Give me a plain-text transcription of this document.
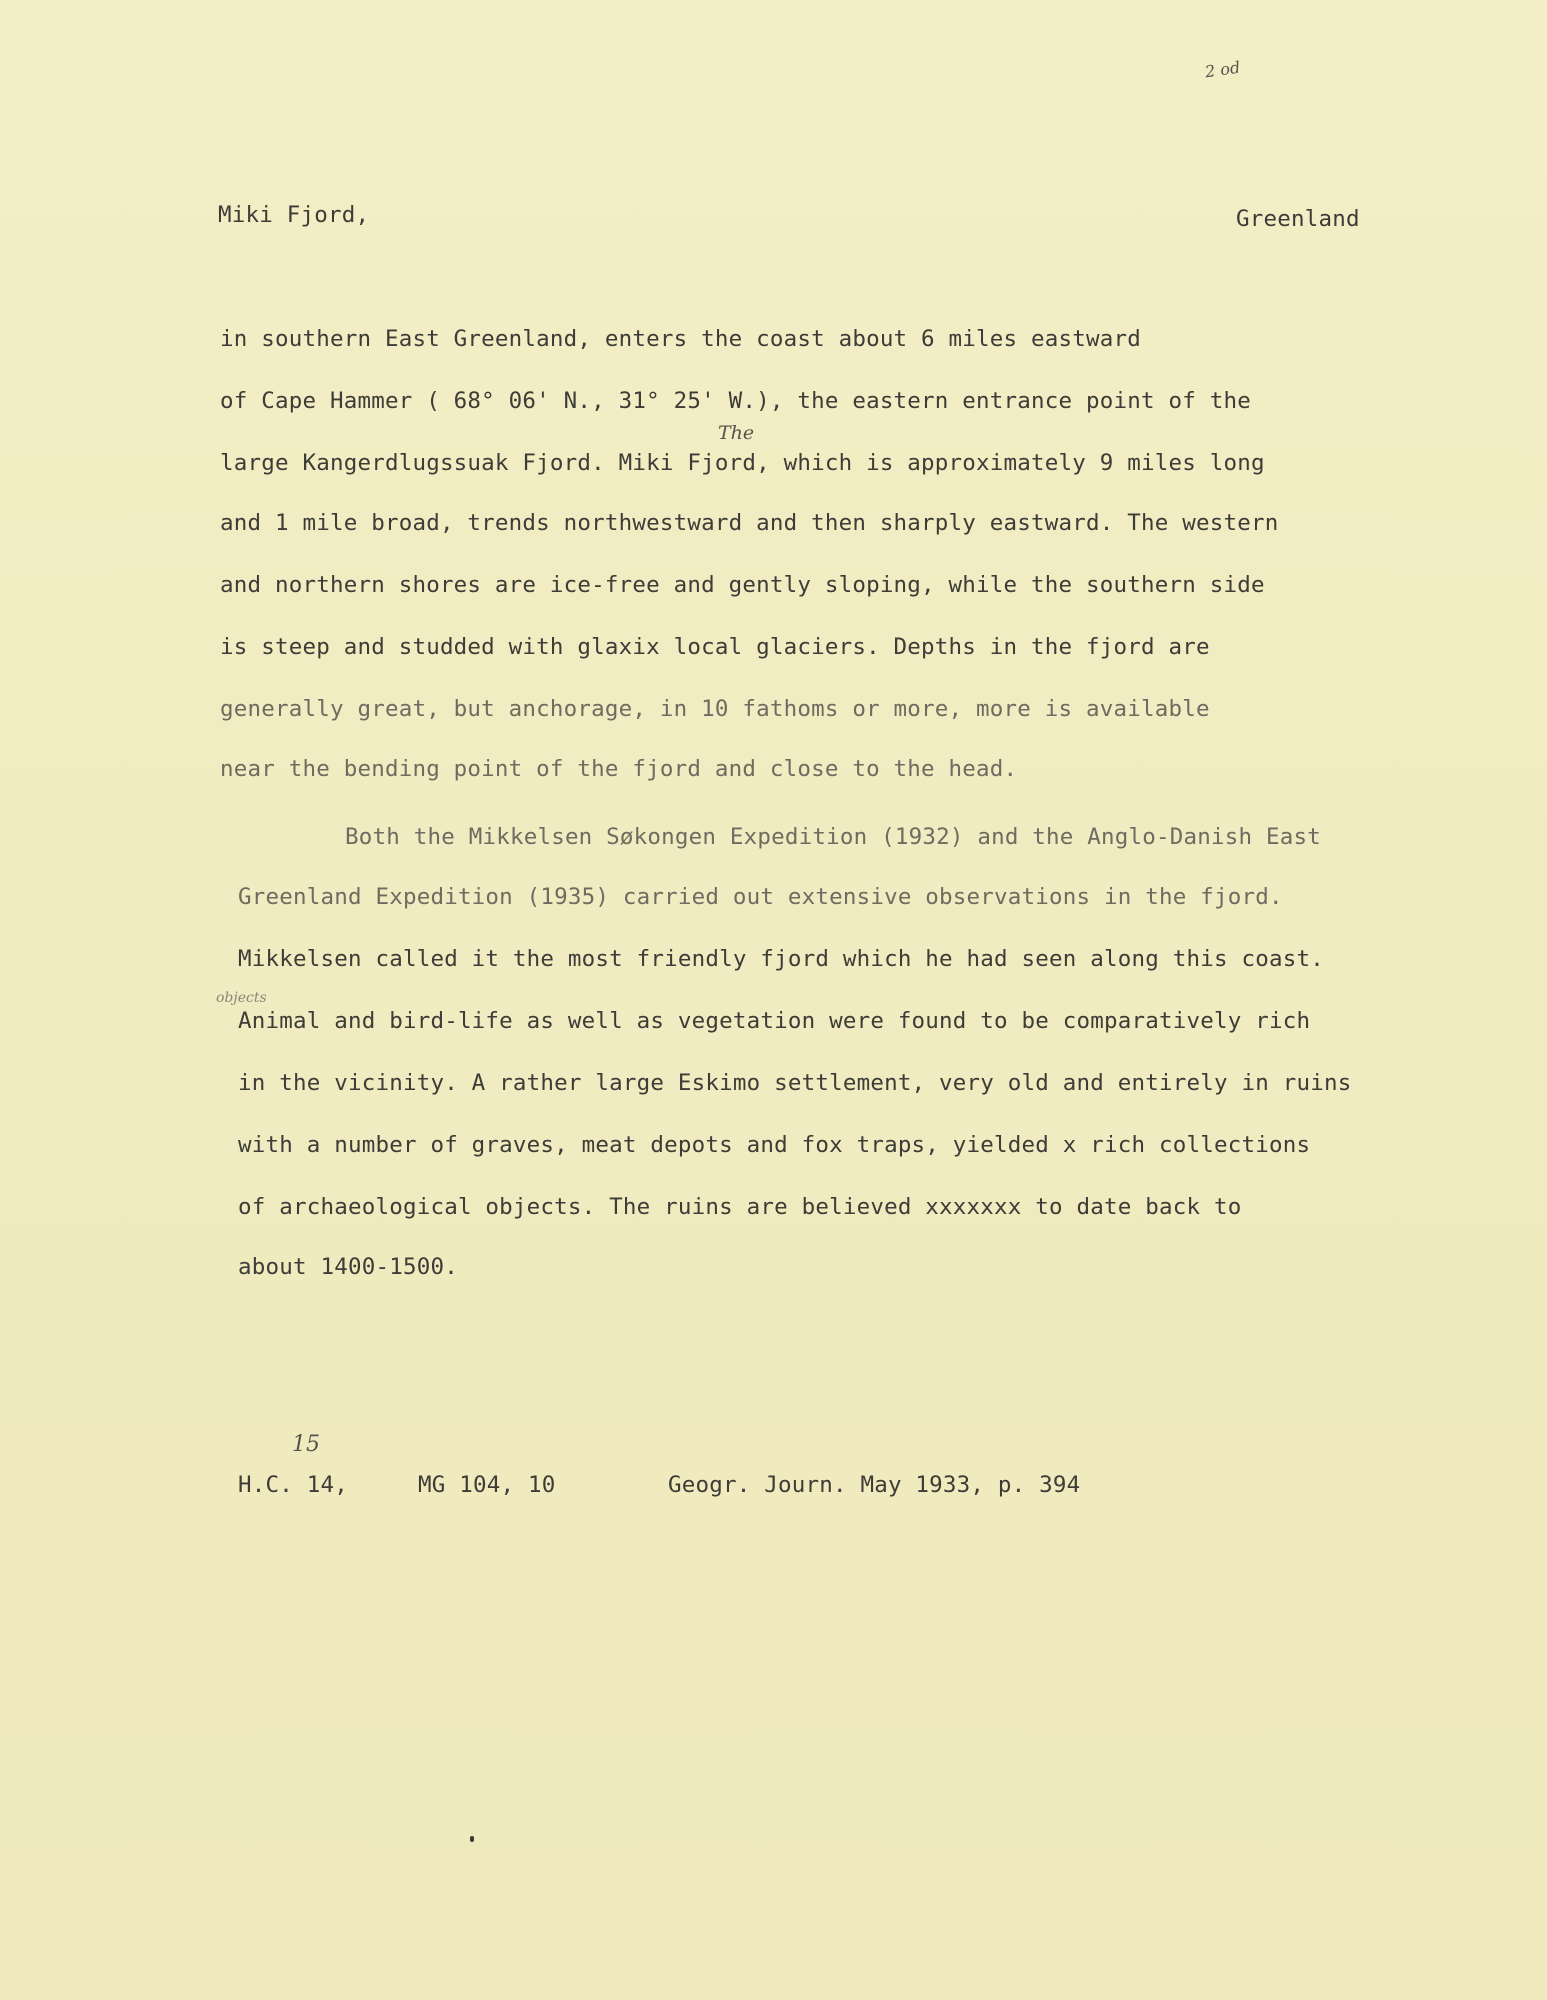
2 od
Miki Fjord,	Greenland
in southern East Greenland, enters the coast about 6 miles eastward
of Cape Hammer ( 68° 06' N., 31° 25' W.), the eastern entrance point of the
The
large Kangerdlugssuak Fjord. Miki Fjord, which is approximately 9 miles long
and 1 mile broad, trends northwestward and then sharply eastward. The western
and northern shores are ice-free and gently sloping, while the southern side
is steep and studded with glaxix local glaciers. Depths in the fjord are
generally great, but anchorage, in 10 fathoms or more, more is available
near the bending point of the fjord and close to the head.
Both the Mikkelsen Søkongen Expedition (1932) and the Anglo-Danish East
Greenland Expedition (1935) carried out extensive observations in the fjord.
Mikkelsen called it the most friendly fjord which he had seen along this coast.
objects
Animal and bird-life as well as vegetation were found to be comparatively rich
in the vicinity. A rather large Eskimo settlement, very old and entirely in ruins
with a number of graves, meat depots and fox traps, yielded x rich collections
of archaeological objects. The ruins are believed xxxxxxx to date back to
about 1400-1500.
15
H.C. 14,	MG 104, 10	Geogr. Journ. May 1933, p. 394
